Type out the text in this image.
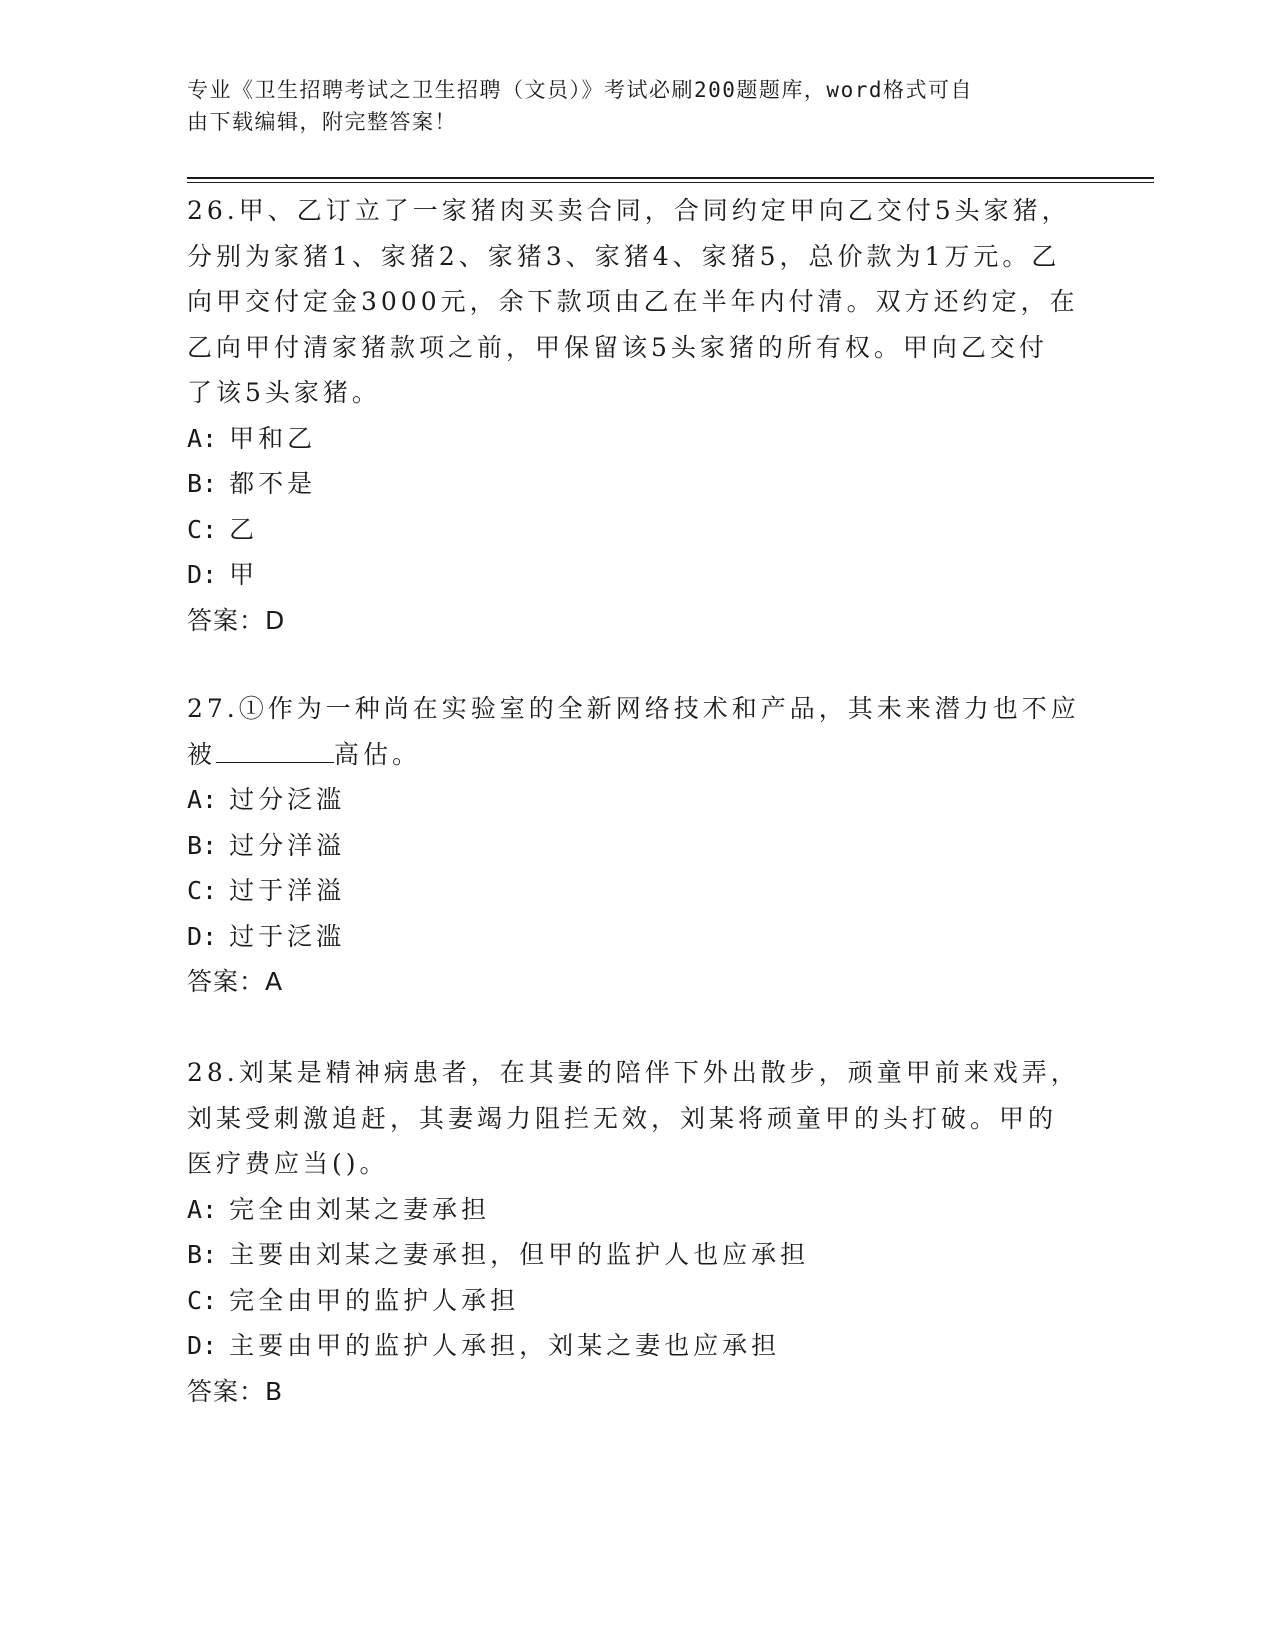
专业《卫生招聘考试之卫生招聘（文员）》考试必刷200题题库，word格式可自
由下载编辑，附完整答案！
26.甲、乙订立了一家猪肉买卖合同，合同约定甲向乙交付5头家猪，
分别为家猪1、家猪2、家猪3、家猪4、家猪5，总价款为1万元。乙
向甲交付定金3000元，余下款项由乙在半年内付清。双方还约定，在
乙向甲付清家猪款项之前，甲保留该5头家猪的所有权。甲向乙交付
了该5头家猪。
A: 甲和乙
B: 都不是
C: 乙
D: 甲
答案：D
27.①作为一种尚在实验室的全新网络技术和产品，其未来潜力也不应
被	高估。
A: 过分泛滥
B: 过分洋溢
C: 过于洋溢
D: 过于泛滥
答案：A
28.刘某是精神病患者，在其妻的陪伴下外出散步，顽童甲前来戏弄，
刘某受刺激追赶，其妻竭力阻拦无效，刘某将顽童甲的头打破。甲的
医疗费应当()。
A: 完全由刘某之妻承担
B: 主要由刘某之妻承担，但甲的监护人也应承担
C: 完全由甲的监护人承担
D: 主要由甲的监护人承担，刘某之妻也应承担
答案：B
